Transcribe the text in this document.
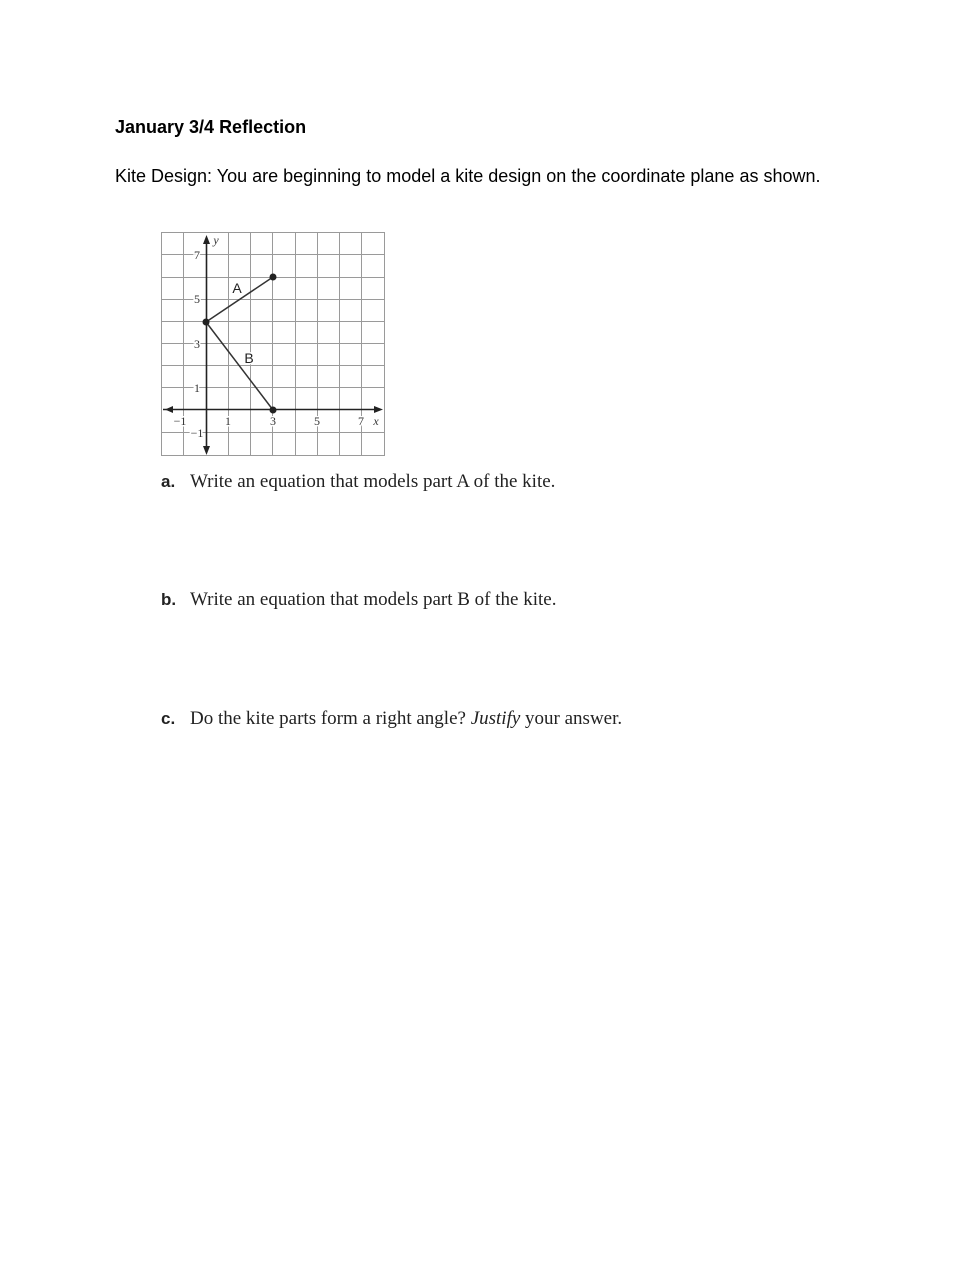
January 3/4 Reflection

Kite Design: You are beginning to model a kite design on the coordinate plane as shown.

7
5
3
1
−1
−1	1	3	5	7 x
y
A
B
a. Write an equation that models part A of the kite.
b. Write an equation that models part B of the kite.
c. Do the kite parts form a right angle? Justify your answer.
